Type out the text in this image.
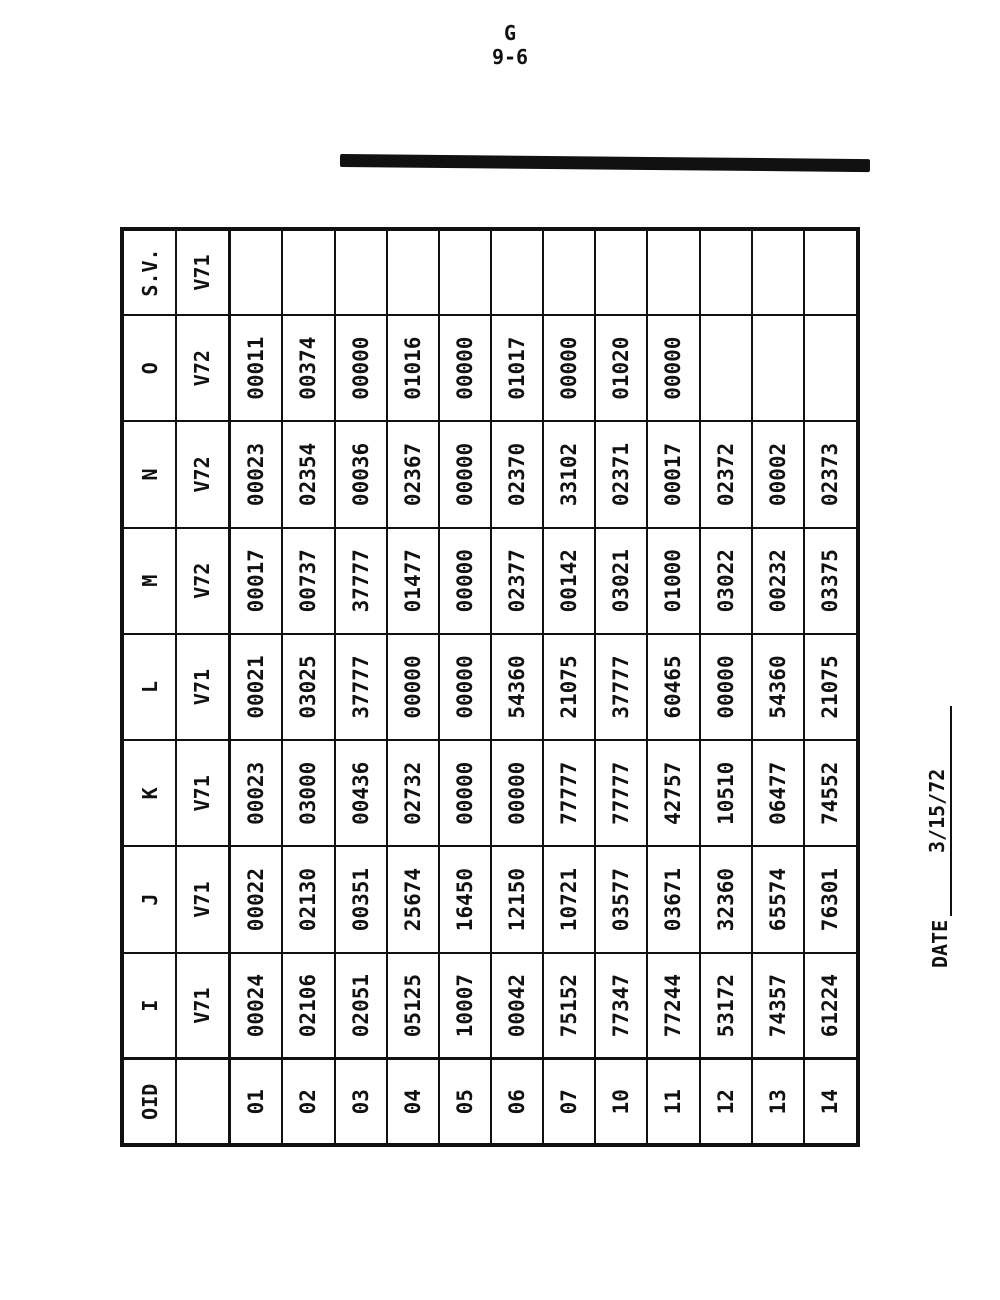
G
9-6
OID	I	J	K	L	M	N	O	S.V.
	V71	V71	V71	V71	V72	V72	V72	V71
01	00024	00022	00023	00021	00017	00023	00011	
02	02106	02130	03000	03025	00737	02354	00374	
03	02051	00351	00436	37777	37777	00036	00000	
04	05125	25674	02732	00000	01477	02367	01016	
05	10007	16450	00000	00000	00000	00000	00000	
06	00042	12150	00000	54360	02377	02370	01017	
07	75152	10721	77777	21075	00142	33102	00000	
10	77347	03577	77777	37777	03021	02371	01020	
11	77244	03671	42757	60465	01000	00017	00000	
12	53172	32360	10510	00000	03022	02372		
13	74357	65574	06477	54360	00232	00002		
14	61224	76301	74552	21075	03375	02373		
DATE
3/15/72
